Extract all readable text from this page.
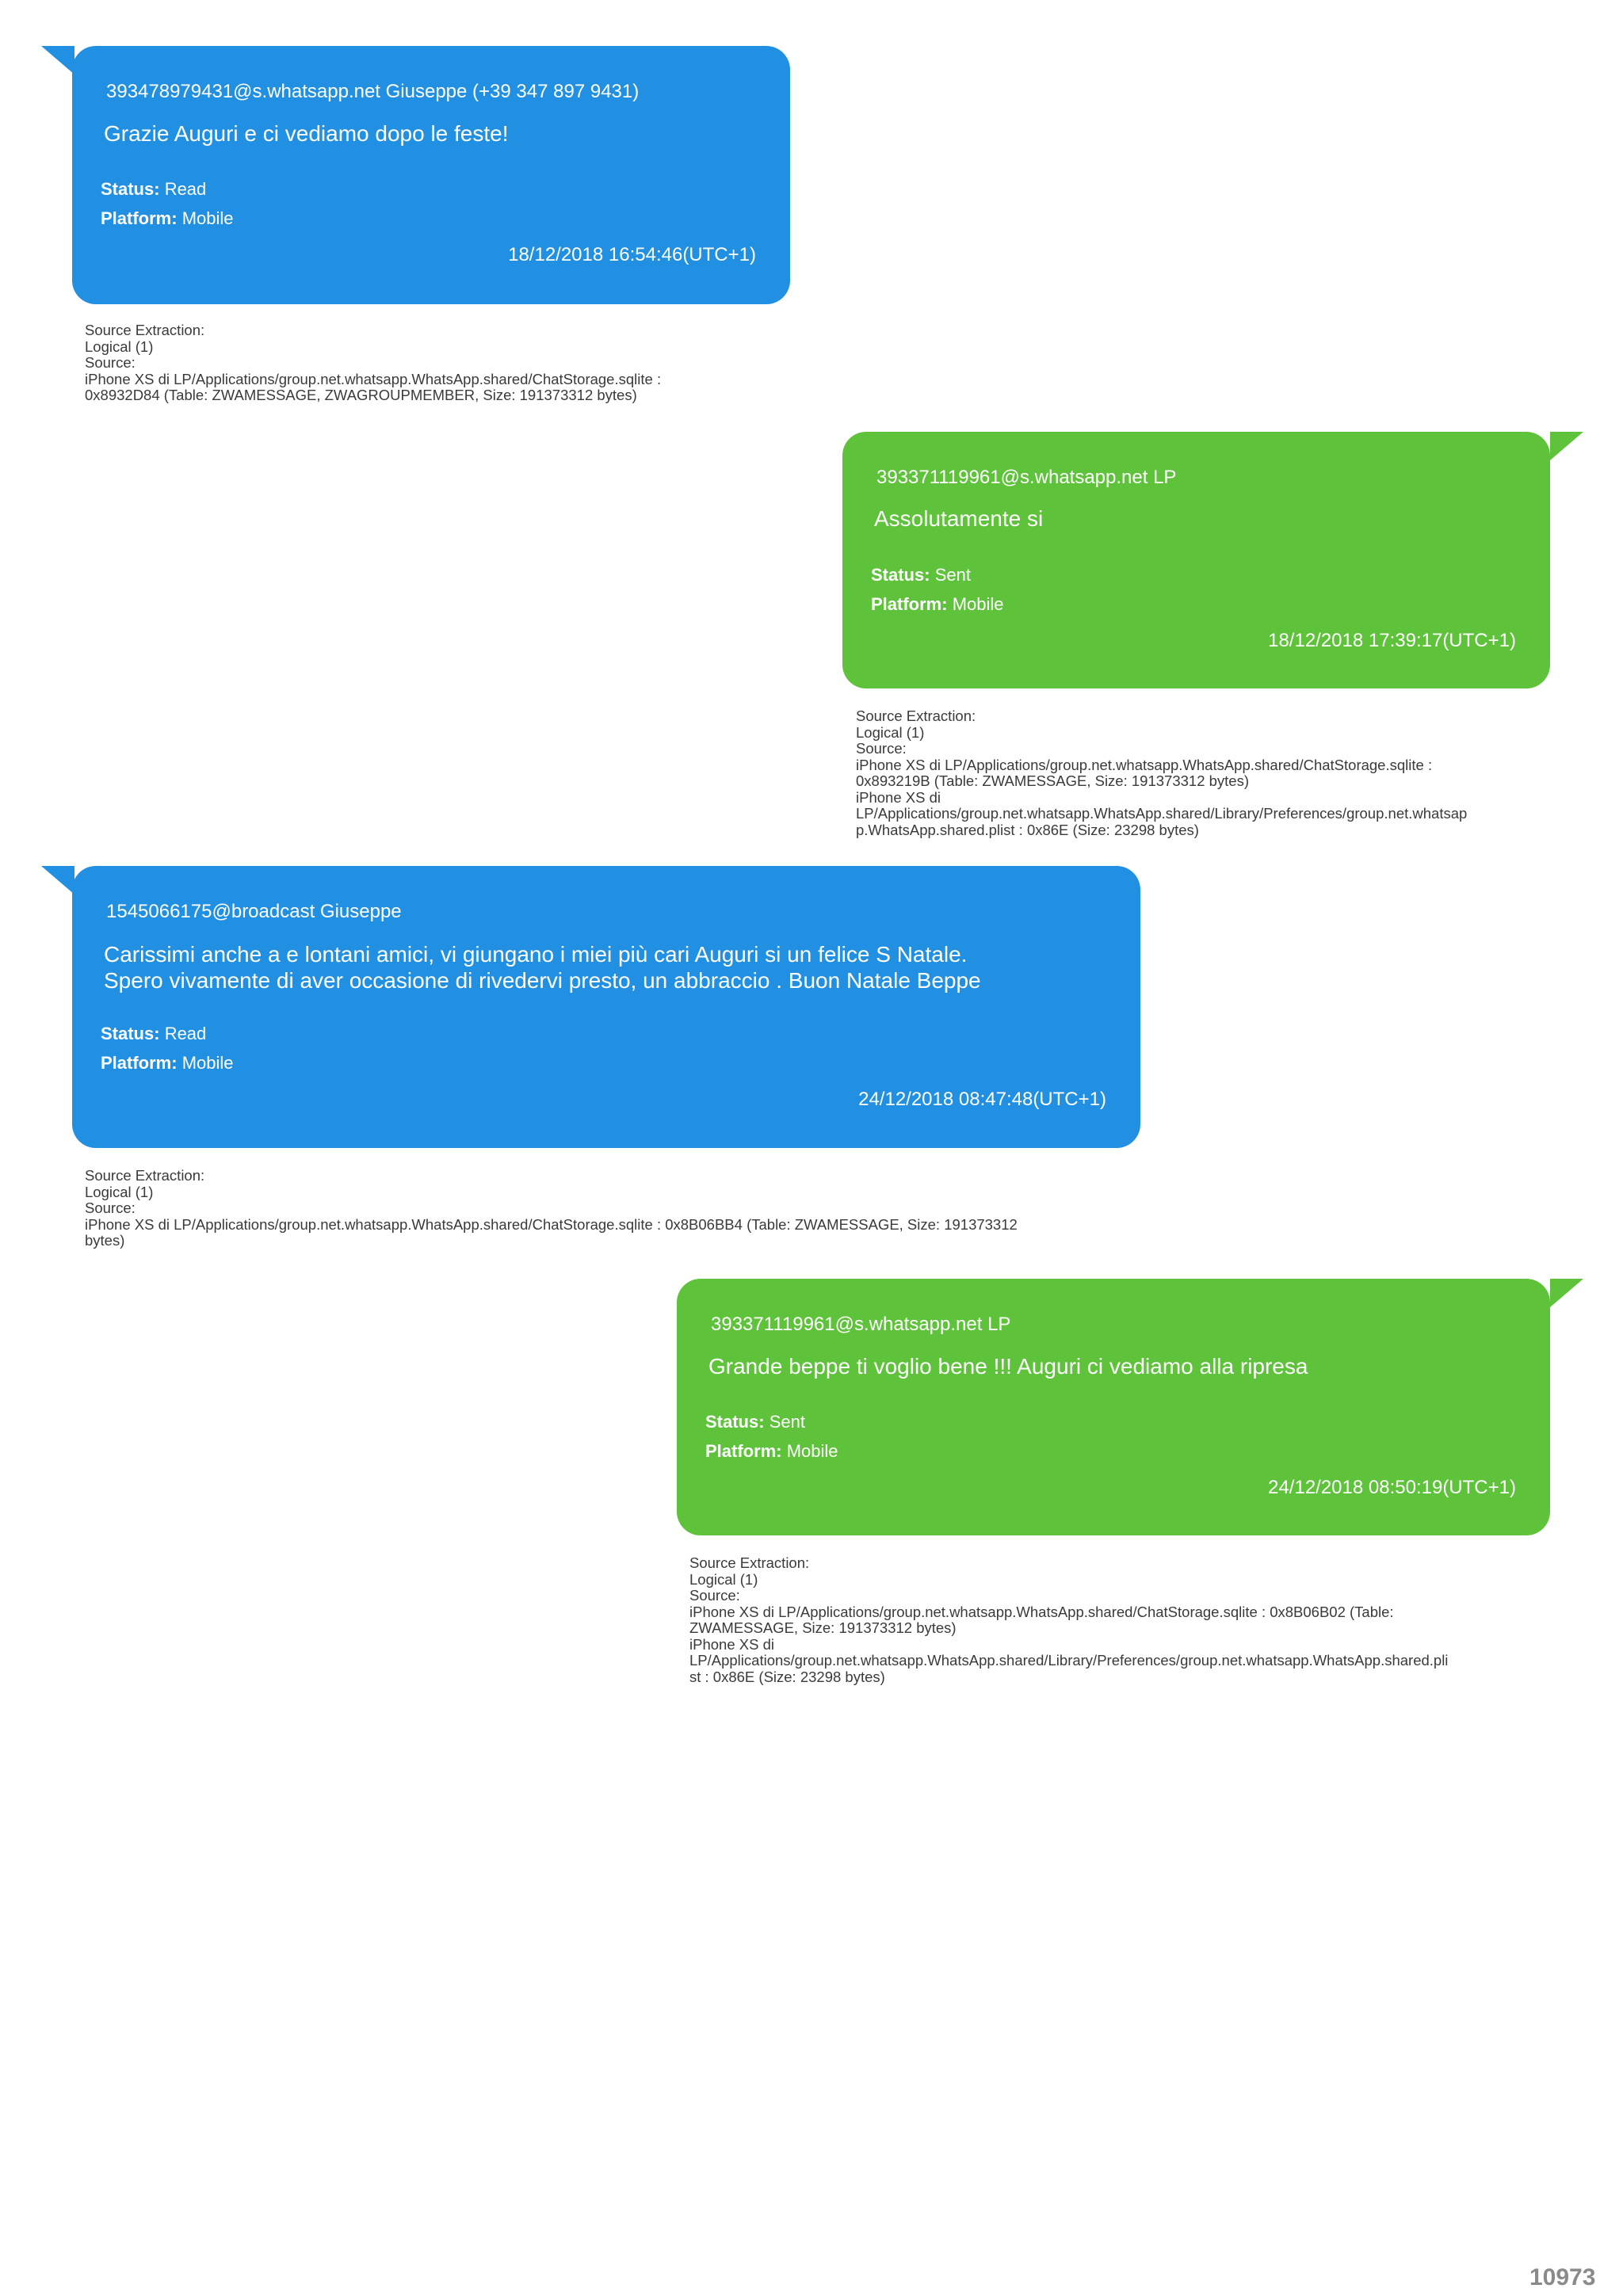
393478979431@s.whatsapp.net Giuseppe (+39 347 897 9431)
Grazie Auguri e ci vediamo dopo le feste!
Status: Read
Platform: Mobile
18/12/2018 16:54:46(UTC+1)
Source Extraction:
Logical (1)
Source:
iPhone XS di LP/Applications/group.net.whatsapp.WhatsApp.shared/ChatStorage.sqlite :
0x8932D84 (Table: ZWAMESSAGE, ZWAGROUPMEMBER, Size: 191373312 bytes)
393371119961@s.whatsapp.net LP
Assolutamente si
Status: Sent
Platform: Mobile
18/12/2018 17:39:17(UTC+1)
Source Extraction:
Logical (1)
Source:
iPhone XS di LP/Applications/group.net.whatsapp.WhatsApp.shared/ChatStorage.sqlite :
0x893219B (Table: ZWAMESSAGE, Size: 191373312 bytes)
iPhone XS di
LP/Applications/group.net.whatsapp.WhatsApp.shared/Library/Preferences/group.net.whatsap
p.WhatsApp.shared.plist : 0x86E (Size: 23298 bytes)
1545066175@broadcast Giuseppe
Carissimi anche a e lontani amici, vi giungano i miei più cari Auguri si un felice S Natale.
Spero vivamente di aver occasione di rivedervi presto, un abbraccio . Buon Natale Beppe
Status: Read
Platform: Mobile
24/12/2018 08:47:48(UTC+1)
Source Extraction:
Logical (1)
Source:
iPhone XS di LP/Applications/group.net.whatsapp.WhatsApp.shared/ChatStorage.sqlite : 0x8B06BB4 (Table: ZWAMESSAGE, Size: 191373312
bytes)
393371119961@s.whatsapp.net LP
Grande beppe ti voglio bene !!! Auguri ci vediamo alla ripresa
Status: Sent
Platform: Mobile
24/12/2018 08:50:19(UTC+1)
Source Extraction:
Logical (1)
Source:
iPhone XS di LP/Applications/group.net.whatsapp.WhatsApp.shared/ChatStorage.sqlite : 0x8B06B02 (Table:
ZWAMESSAGE, Size: 191373312 bytes)
iPhone XS di
LP/Applications/group.net.whatsapp.WhatsApp.shared/Library/Preferences/group.net.whatsapp.WhatsApp.shared.pli
st : 0x86E (Size: 23298 bytes)
10973
